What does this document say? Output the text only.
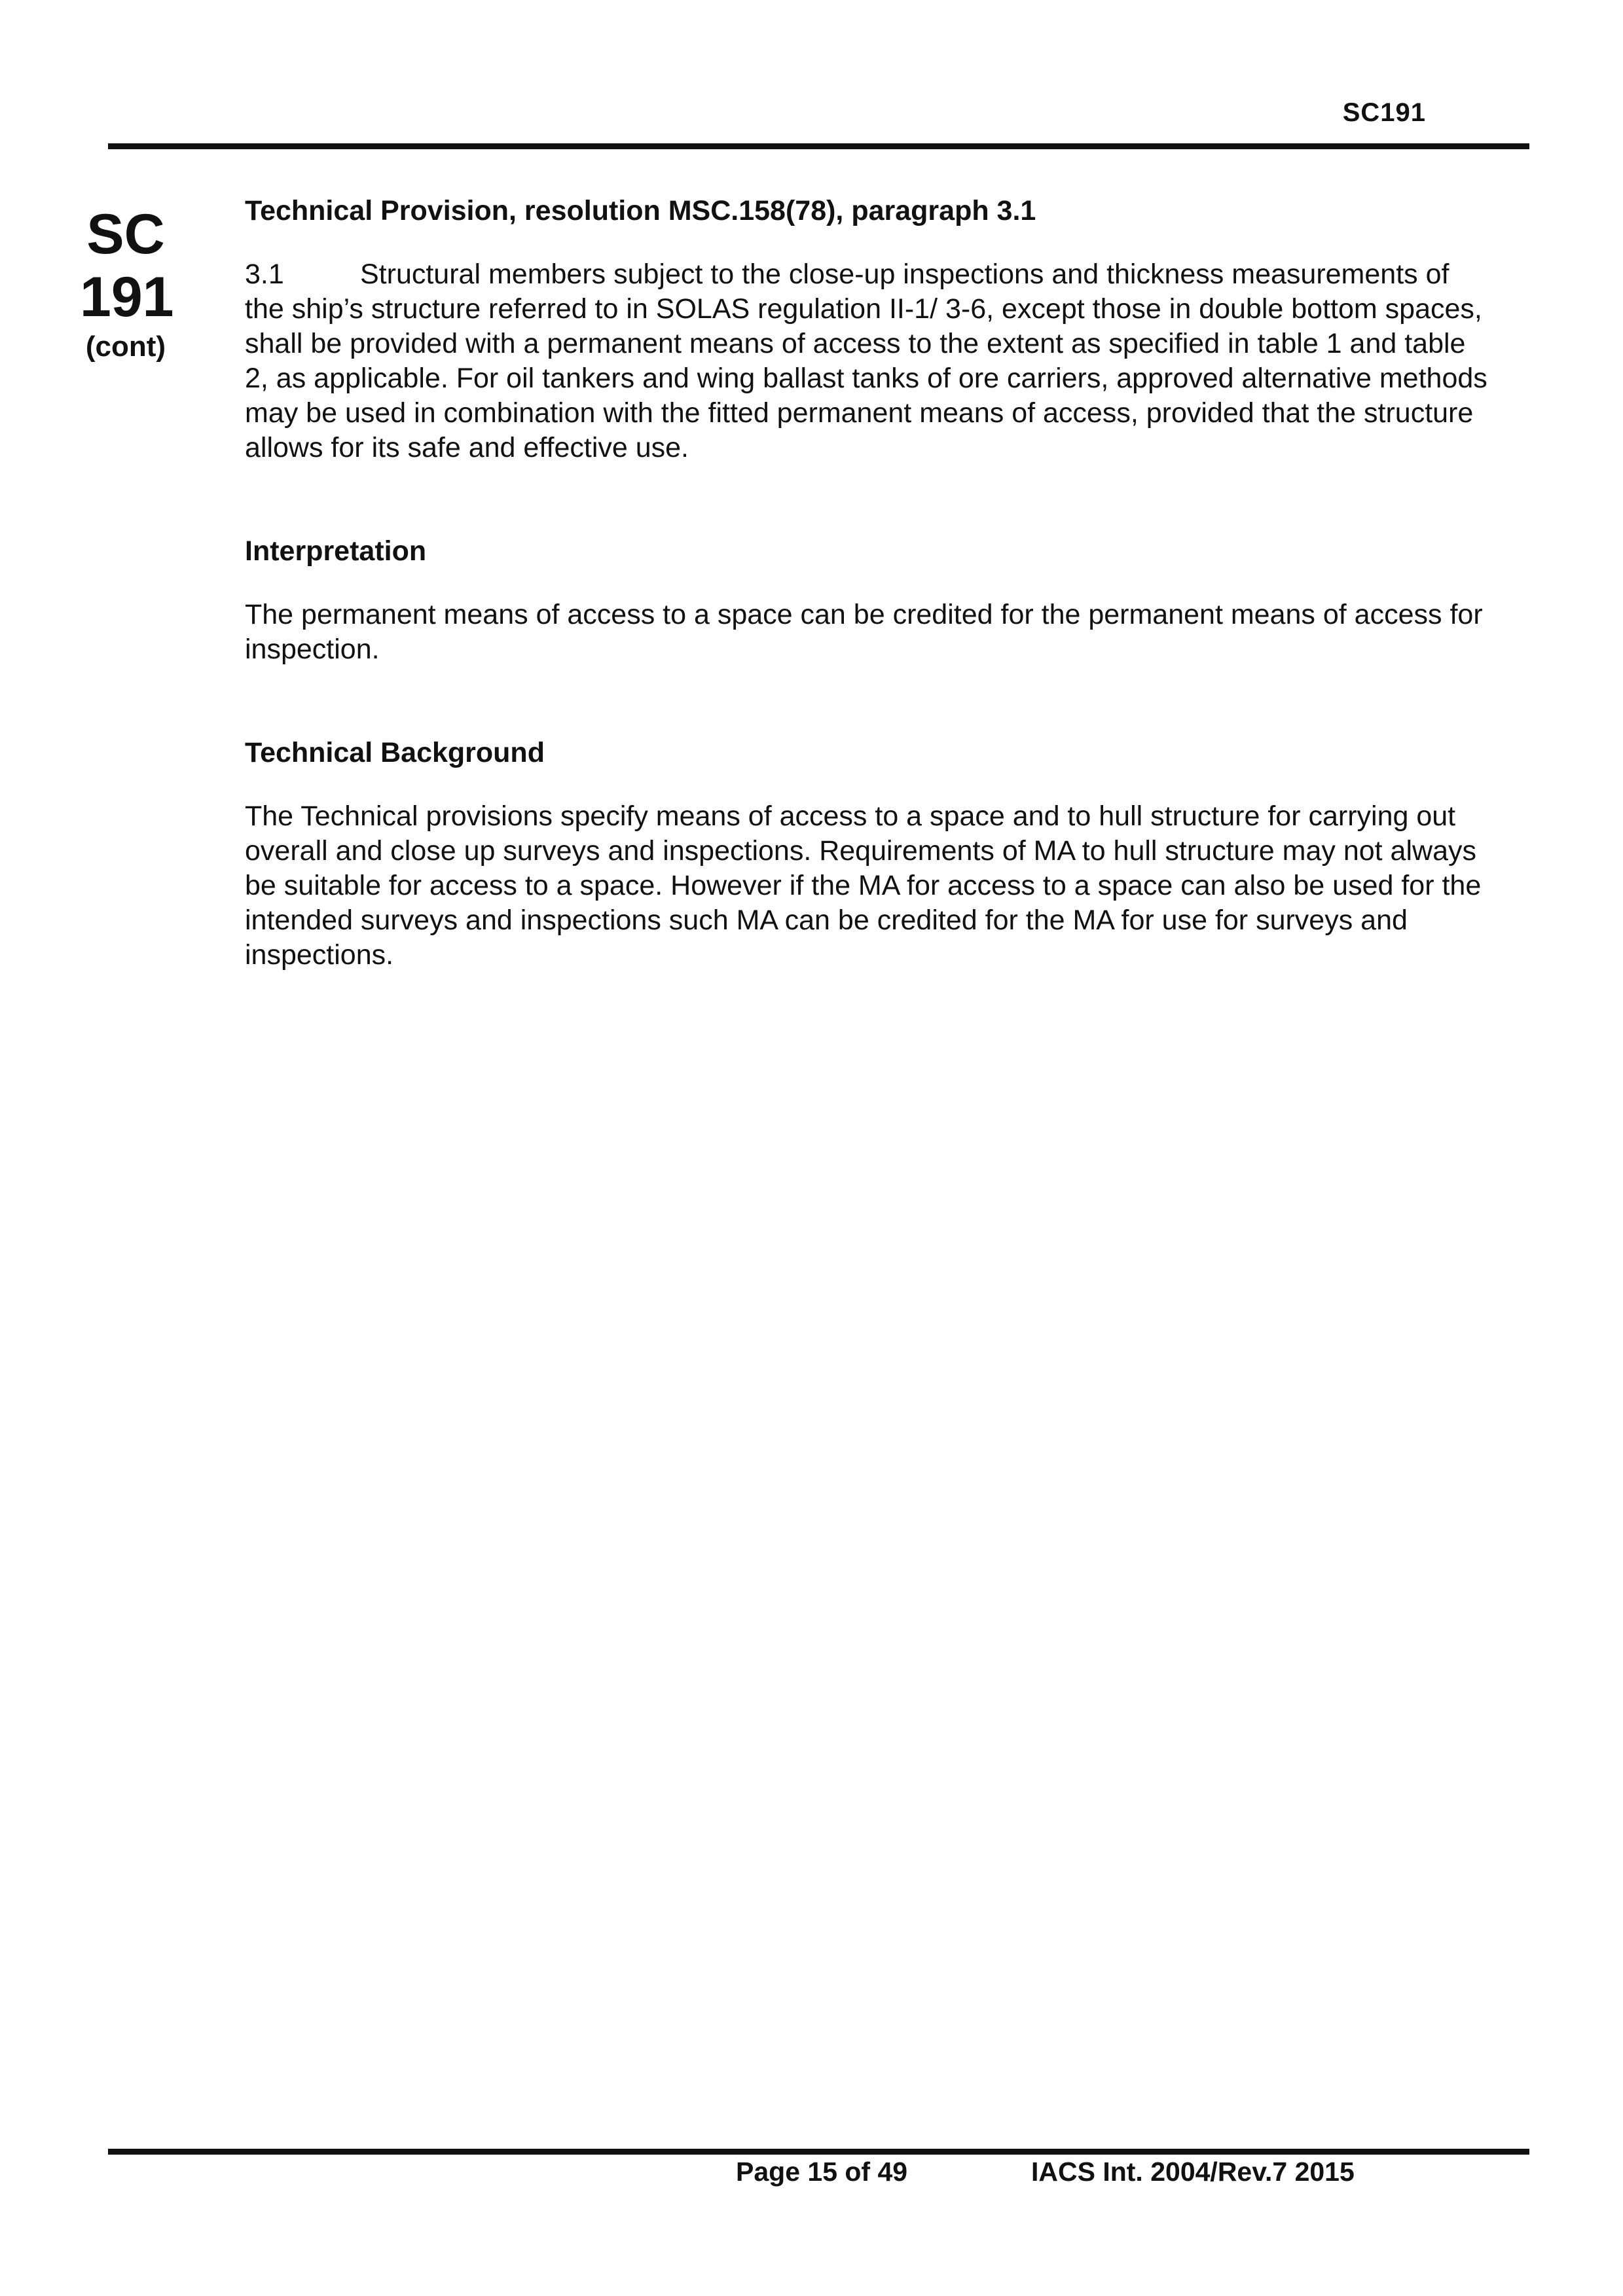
SC191
SC
191
(cont)

Technical Provision, resolution MSC.158(78), paragraph 3.1

3.1	Structural members subject to the close-up inspections and thickness measurements of the ship’s structure referred to in SOLAS regulation II-1/ 3-6, except those in double bottom spaces, shall be provided with a permanent means of access to the extent as specified in table 1 and table 2, as applicable. For oil tankers and wing ballast tanks of ore carriers, approved alternative methods may be used in combination with the fitted permanent means of access, provided that the structure allows for its safe and effective use.

Interpretation

The permanent means of access to a space can be credited for the permanent means of access for inspection.

Technical Background

The Technical provisions specify means of access to a space and to hull structure for carrying out overall and close up surveys and inspections. Requirements of MA to hull structure may not always be suitable for access to a space. However if the MA for access to a space can also be used for the intended surveys and inspections such MA can be credited for the MA for use for surveys and inspections.

Page 15 of 49	IACS Int. 2004/Rev.7 2015
